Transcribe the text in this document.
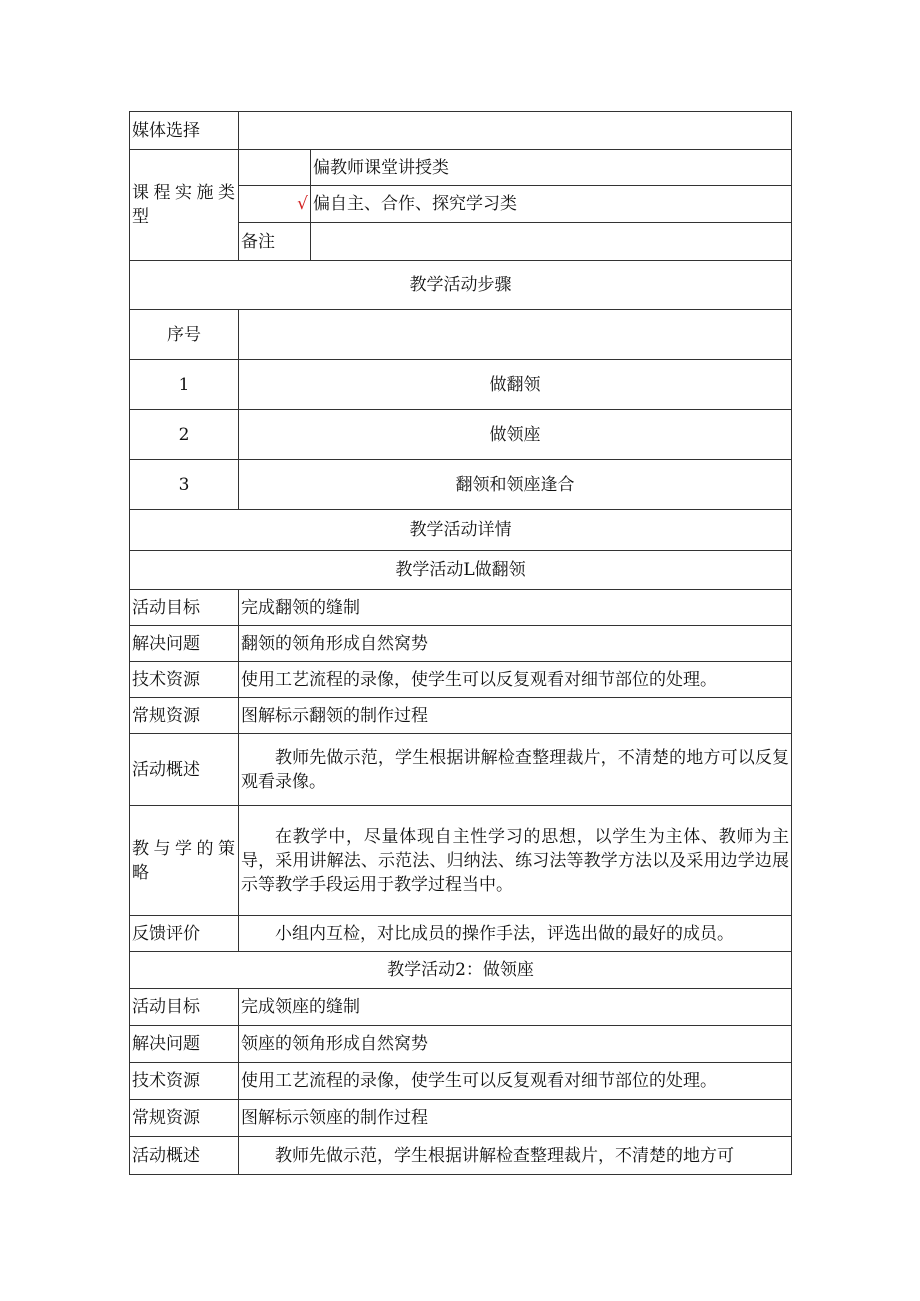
媒体选择		
课程实施类型		偏教师课堂讲授类
	√	偏自主、合作、探究学习类
	备注	
教学活动步骤		
序号		
1	做翻领	
2	做领座	
3	翻领和领座逢合	
教学活动详情		
教学活动L做翻领		
活动目标	完成翻领的缝制	
解决问题	翻领的领角形成自然窝势	
技术资源	使用工艺流程的录像，使学生可以反复观看对细节部位的处理。	
常规资源	图解标示翻领的制作过程	
活动概述	教师先做示范，学生根据讲解检查整理裁片，不清楚的地方可以反复观看录像。	
教与学的策略	在教学中，尽量体现自主性学习的思想，以学生为主体、教师为主导，采用讲解法、示范法、归纳法、练习法等教学方法以及采用边学边展示等教学手段运用于教学过程当中。	
反馈评价	小组内互检，对比成员的操作手法，评选出做的最好的成员。	
教学活动2：做领座		
活动目标	完成领座的缝制	
解决问题	领座的领角形成自然窝势	
技术资源	使用工艺流程的录像，使学生可以反复观看对细节部位的处理。	
常规资源	图解标示领座的制作过程	
活动概述	教师先做示范，学生根据讲解检查整理裁片，不清楚的地方可	
